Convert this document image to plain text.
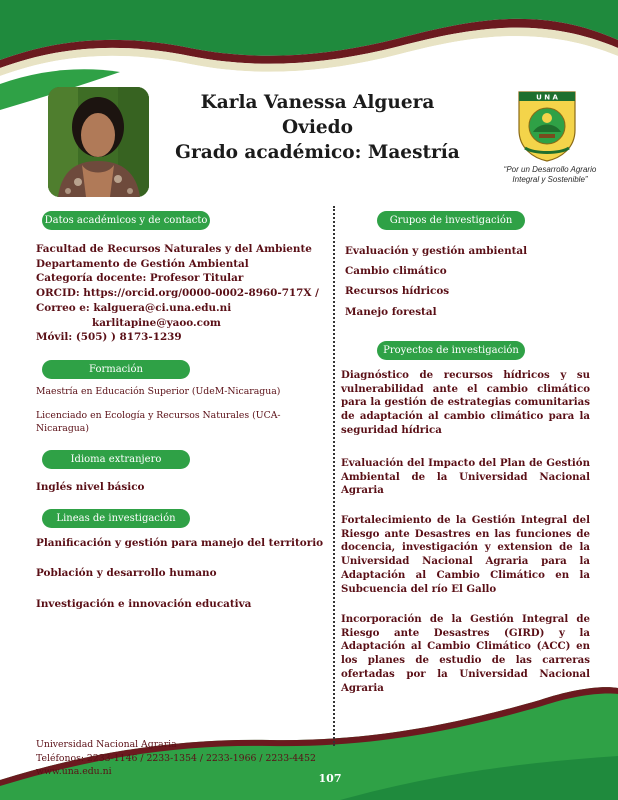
Karla Vanessa Alguera Oviedo
Grado académico: Maestría
U N A
“Por un Desarrollo Agrario
Integral y Sostenible”
Datos académicos y de contacto
Facultad de Recursos Naturales y del Ambiente
Departamento de Gestión Ambiental
Categoría docente: Profesor Titular
ORCID: https://orcid.org/0000-0002-8960-717X /
Correo e: kalguera@ci.una.edu.ni
karlitapine@yaoo.com
Móvil: (505) ) 8173-1239
Formación
Maestría en Educación Superior (UdeM-Nicaragua)
Licenciado en Ecología y Recursos Naturales (UCA-Nicaragua)
Idioma extranjero
Inglés nivel básico
Lineas de investigación
Planificación y gestión para manejo del territorio
Población y desarrollo humano
Investigación e innovación educativa
Grupos de investigación
Evaluación y gestión ambiental
Cambio climático
Recursos hídricos
Manejo forestal
Proyectos de investigación
Diagnóstico de recursos hídricos y su vulnerabilidad ante el cambio climático para la gestión de estrategias comunitarias de adaptación al cambio climático para la seguridad hídrica
Evaluación del Impacto del Plan de Gestión Ambiental de la Universidad Nacional Agraria
Fortalecimiento de la Gestión Integral del Riesgo ante Desastres en las funciones de docencia, investigación y extension de la Universidad Nacional Agraria para la Adaptación al Cambio Climático en la Subcuencia del río El Gallo
Incorporación de la Gestión Integral de Riesgo ante Desastres (GIRD) y la Adaptación al Cambio Climático (ACC) en los planes de estudio de las carreras ofertadas por la Universidad Nacional Agraria
Universidad Nacional Agraria
Teléfonos: 2233-1146 / 2233-1354 / 2233-1966 / 2233-4452
www.una.edu.ni
107
